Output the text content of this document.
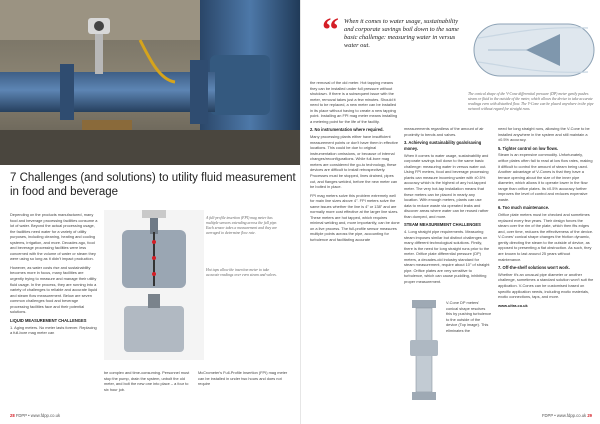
7 Challenges (and solutions) to utility fluid measurement in food and beverage

Depending on the products manufactured, many food and beverage processing facilities consume a lot of water. Beyond the actual processing usage, the facilities need water for a variety of utility purposes, including cleaning, heating and cooling systems, irrigation, and more. Decades ago, food and beverage processing facilities were less concerned with the volume of water or steam they were using so long as it didn't impact production.

However, as water costs rise and sustainability becomes more in focus, many facilities are urgently trying to measure and manage their utility fluid usage. In the process, they are running into a variety of challenges to reliable and accurate liquid and steam flow measurement. Below are seven common challenges food and beverage processing facilities face and their potential solutions.

LIQUID MEASUREMENT CHALLENGES

1. Aging meters. No meter lasts forever. Replacing a full-bore mag meter can

A full-profile insertion (FPI) mag meter has multiple sensors extending across the full pipe. Each sensor takes a measurement and they are averaged to determine flow rate.
Hot taps allow the insertion meter to take accurate readings over even steam and valves.

be complex and time-consuming. Personnel must stop the pump, drain the system, unbolt the old meter, and bolt the new one into place – a four to six hour job.

McCrometer's Full-Profile Insertion (FPI) mag meter can be installed in under two hours and does not require

28 FDPP • www.fdpp.co.uk
“ When it comes to water usage, sustainability and corporate savings boil down to the same basic challenge: measuring water in versus water out.
The conical shape of the V-Cone differential pressure (DP) meter gently pushes steam or fluid to the outside of the meter, which allows the device to take accurate readings even with disturbed flow. The V-Cone can be placed anywhere in the pipe network without regard for straight runs.

the removal of the old meter. Hot tapping means they can be installed under full pressure without shutdown. If there is a subsequent issue with the meter, removal takes just a few minutes. Should it need to be replaced, a new meter can be installed in its place without having to create a new tapping point. Installing an FPI mag meter means installing a metering point for the life of the facility.

2. No instrumentation where required.

Many processing plants either have insufficient measurement points or don't have them in effective locations. This could be due to original instrumentation omissions, or because of internal changes/reconfigurations. While full-bore mag meters are considered the go-to technology, these devices are difficult to install retrospectively. Processes must be stopped, lines drained, pipes cut, and flanges welded, before the new meter can be bolted in place.

FPI mag meters solve this problem extremely well for main line sizes above 4". FPI meters solve the same issues whether the line is 4" or 138" and are normally more cost effective at the larger line sizes. These meters are hot tapped, which requires minimal welding and, more importantly, can be done on a live process. The full-profile sensor measures multiple points across the pipe, accounting for turbulence and facilitating accurate

measurements regardless of the amount of air proximity to bends and valves.

3. Achieving sustainability goals/saving money.

When it comes to water usage, sustainability and corporate savings boil down to the same basic challenge: measuring water in versus water out. Using FPI meters, food and beverage processing plants can measure incoming water with ±0.5% accuracy which is the highest of any hot-tapped meter. The very hot-tap installation means that these meters can be placed in nearly any location. With enough meters, plants can use data to reduce waste via operated leaks and discover areas where water can be reused rather than dumped, and more.

STEAM MEASUREMENT CHALLENGES

4. Long straight pipe requirements. Measuring steam imposes similar but distinct challenges on many different technological solutions. Firstly, there is the need for long straight runs prior to the meter. Orifice plate differential pressure (DP) meters, a decades-old industry standard for steam measurement, require about 10" of straight pipe. Orifice plates are very sensitive to turbulence, which can cause puddling, inhibiting proper measurement.

V-Cone DP meters' conical shape resolves this by pushing turbulence to the outside of the device (Top image). This eliminates the

need for long straight runs, allowing the V-Cone to be installed anywhere in the system and still maintain a ±0.5% accuracy.

5. Tighter control on low flows.

Steam is an expensive commodity. Unfortunately, orifice plates often fail to read at low flow rates, making it difficult to control the amount of steam being used. Another advantage of V-Cones is that they have a terrace opening about the size of the inner pipe diameter, which allows it to operate lower in the flow range than orifice plates. Its ±0.5% accuracy further improves the level of control and reduces expensive waste.

6. Too much maintenance.

Orifice plate meters must be checked and sometimes replaced every few years. Their design forces the steam over the rim of the plate, which then fits edges and, over time, reduces the effectiveness of the device. V-Cones' conical shape changes the friction dynamic, gently directing the steam to the outside of device, as opposed to presenting a flat obstruction. As such, they are known to last around 25 years without maintenance.

7. Off-the-shelf solutions won't work.

Whether it's an unusual pipe diameter or another challenge, sometimes a standard solution won't suit the application. V-Cones can be customised based on specific application needs, including exotic materials, exotic connections, taps, and more.

www.ultra.co.uk

FDPP • www.fdpp.co.uk 29
